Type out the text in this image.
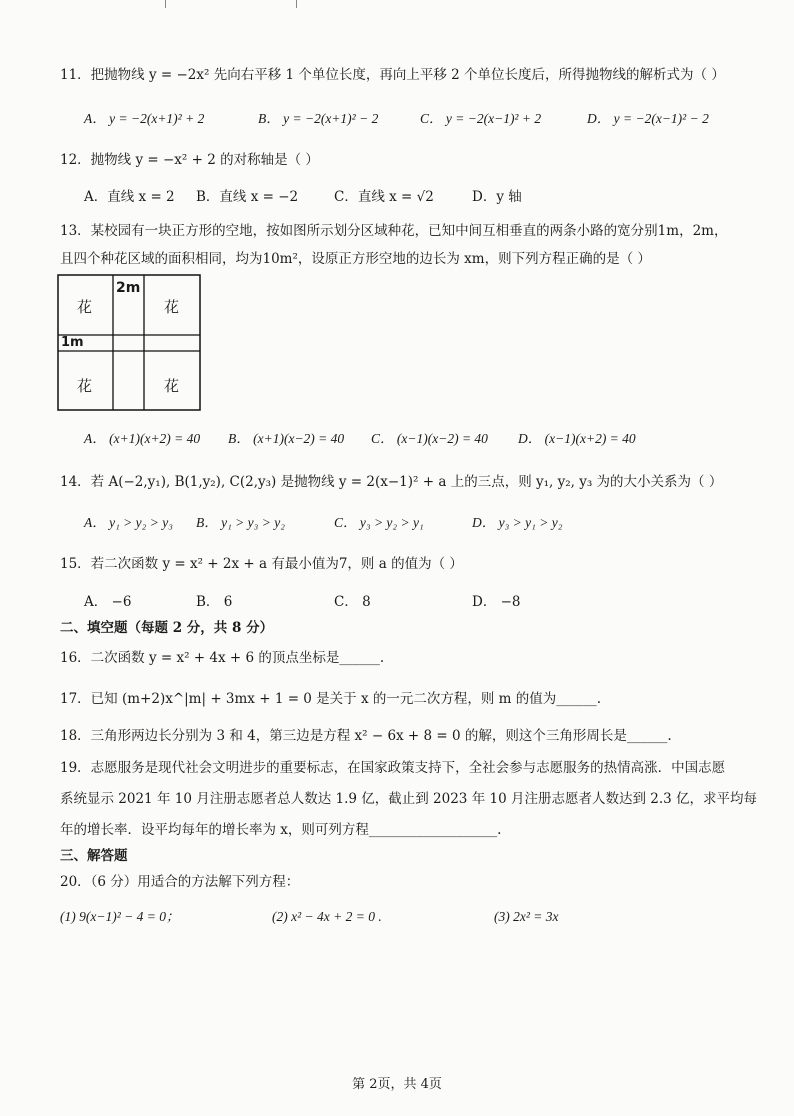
11．把抛物线 y = −2x² 先向右平移 1 个单位长度，再向上平移 2 个单位长度后，所得抛物线的解析式为（ ）
A． y = −2(x+1)² + 2	B． y = −2(x+1)² − 2	C． y = −2(x−1)² + 2	D． y = −2(x−1)² − 2
12．抛物线 y = −x² + 2 的对称轴是（ ）
A．直线 x = 2 B．直线 x = −2	C．直线 x = √2	D．y 轴
13．某校园有一块正方形的空地，按如图所示划分区域种花，已知中间互相垂直的两条小路的宽分别1m，2m，
且四个种花区域的面积相同，均为10m²，设原正方形空地的边长为 xm，则下列方程正确的是（ ）
花	花
花	花
2m
1m
A． (x+1)(x+2) = 40 B． (x+1)(x−2) = 40 C． (x−1)(x−2) = 40 D． (x−1)(x+2) = 40
14．若 A(−2,y₁), B(1,y₂), C(2,y₃) 是抛物线 y = 2(x−1)² + a 上的三点，则 y₁, y₂, y₃ 为的大小关系为（ ）
A． y₁ > y₂ > y₃ B． y₁ > y₃ > y₂	C． y₃ > y₂ > y₁	D． y₃ > y₁ > y₂
15．若二次函数 y = x² + 2x + a 有最小值为7，则 a 的值为（ ）
A． −6	B． 6	C． 8	D． −8
二、填空题（每题 2 分，共 8 分）
16．二次函数 y = x² + 4x + 6 的顶点坐标是______.
17．已知 (m+2)x^|m| + 3mx + 1 = 0 是关于 x 的一元二次方程，则 m 的值为______.
18．三角形两边长分别为 3 和 4，第三边是方程 x² − 6x + 8 = 0 的解，则这个三角形周长是______.
19．志愿服务是现代社会文明进步的重要标志，在国家政策支持下，全社会参与志愿服务的热情高涨．中国志愿
系统显示 2021 年 10 月注册志愿者总人数达 1.9 亿，截止到 2023 年 10 月注册志愿者人数达到 2.3 亿，求平均每
年的增长率．设平均每年的增长率为 x，则可列方程___________________.
三、解答题
20．（6 分）用适合的方法解下列方程：
(1) 9(x−1)² − 4 = 0；	(2) x² − 4x + 2 = 0 .	(3) 2x² = 3x
第 2页，共 4页
